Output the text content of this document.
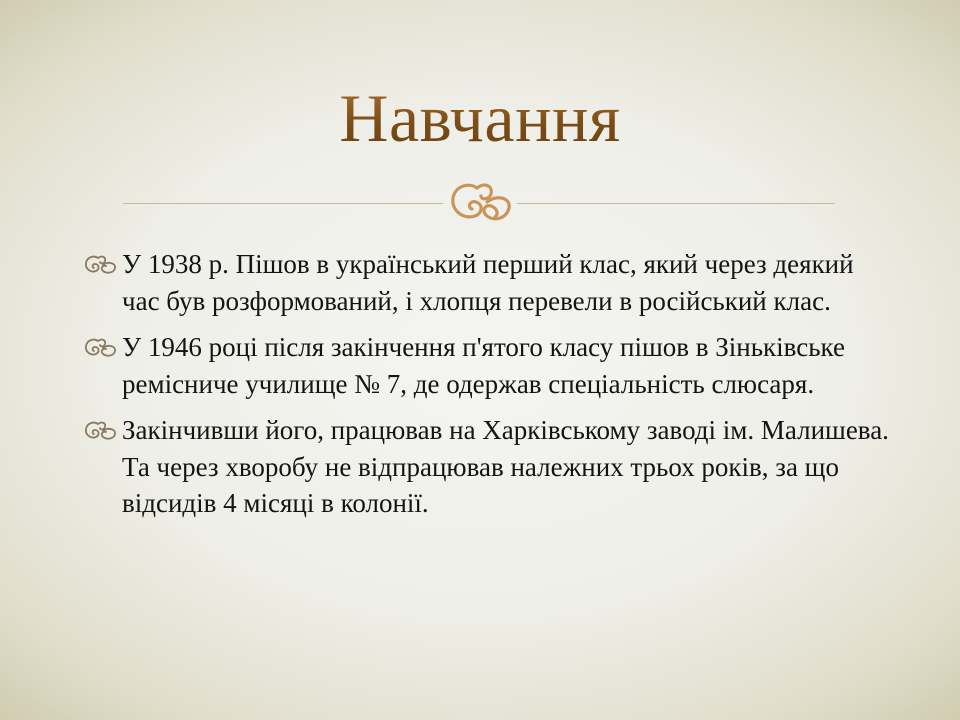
Навчання
У 1938 р. Пішов в український перший клас, який через деякий час був розформований, і хлопця перевели в російський клас.
У 1946 році після закінчення п'ятого класу пішов в Зіньківське ремісниче училище № 7, де одержав спеціальність слюсаря.
Закінчивши його, працював на Харківському заводі ім. Малишева. Та через хворобу не відпрацював належних трьох років, за що відсидів 4 місяці в колонії.
